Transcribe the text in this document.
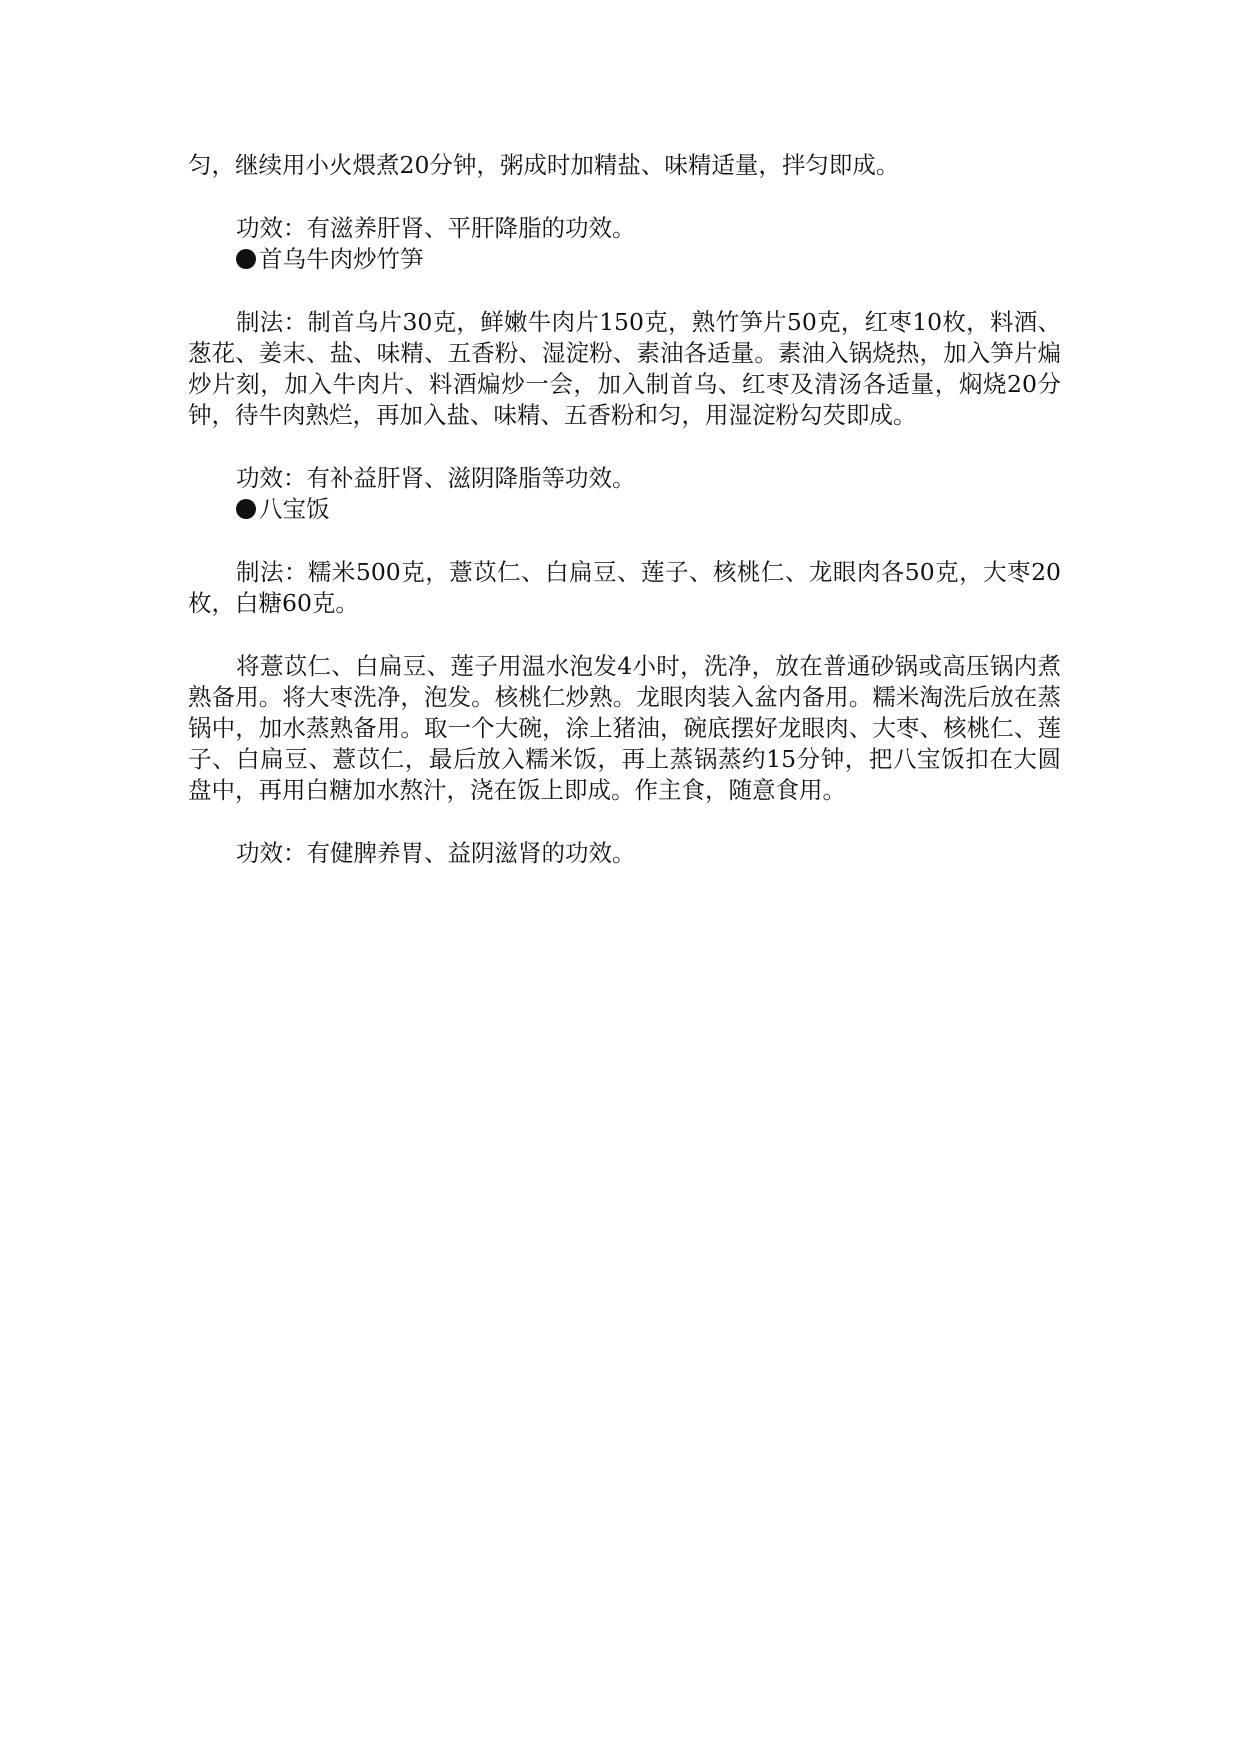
匀，继续用小火煨煮20分钟，粥成时加精盐、味精适量，拌匀即成。

功效：有滋养肝肾、平肝降脂的功效。

首乌牛肉炒竹笋

制法：制首乌片30克，鲜嫩牛肉片150克，熟竹笋片50克，红枣10枚，料酒、葱花、姜末、盐、味精、五香粉、湿淀粉、素油各适量。素油入锅烧热，加入笋片煸炒片刻，加入牛肉片、料酒煸炒一会，加入制首乌、红枣及清汤各适量，焖烧20分钟，待牛肉熟烂，再加入盐、味精、五香粉和匀，用湿淀粉勾芡即成。

功效：有补益肝肾、滋阴降脂等功效。

八宝饭

制法：糯米500克，薏苡仁、白扁豆、莲子、核桃仁、龙眼肉各50克，大枣20枚，白糖60克。

将薏苡仁、白扁豆、莲子用温水泡发4小时，洗净，放在普通砂锅或高压锅内煮熟备用。将大枣洗净，泡发。核桃仁炒熟。龙眼肉装入盆内备用。糯米淘洗后放在蒸锅中，加水蒸熟备用。取一个大碗，涂上猪油，碗底摆好龙眼肉、大枣、核桃仁、莲子、白扁豆、薏苡仁，最后放入糯米饭，再上蒸锅蒸约15分钟，把八宝饭扣在大圆盘中，再用白糖加水熬汁，浇在饭上即成。作主食，随意食用。

功效：有健脾养胃、益阴滋肾的功效。
